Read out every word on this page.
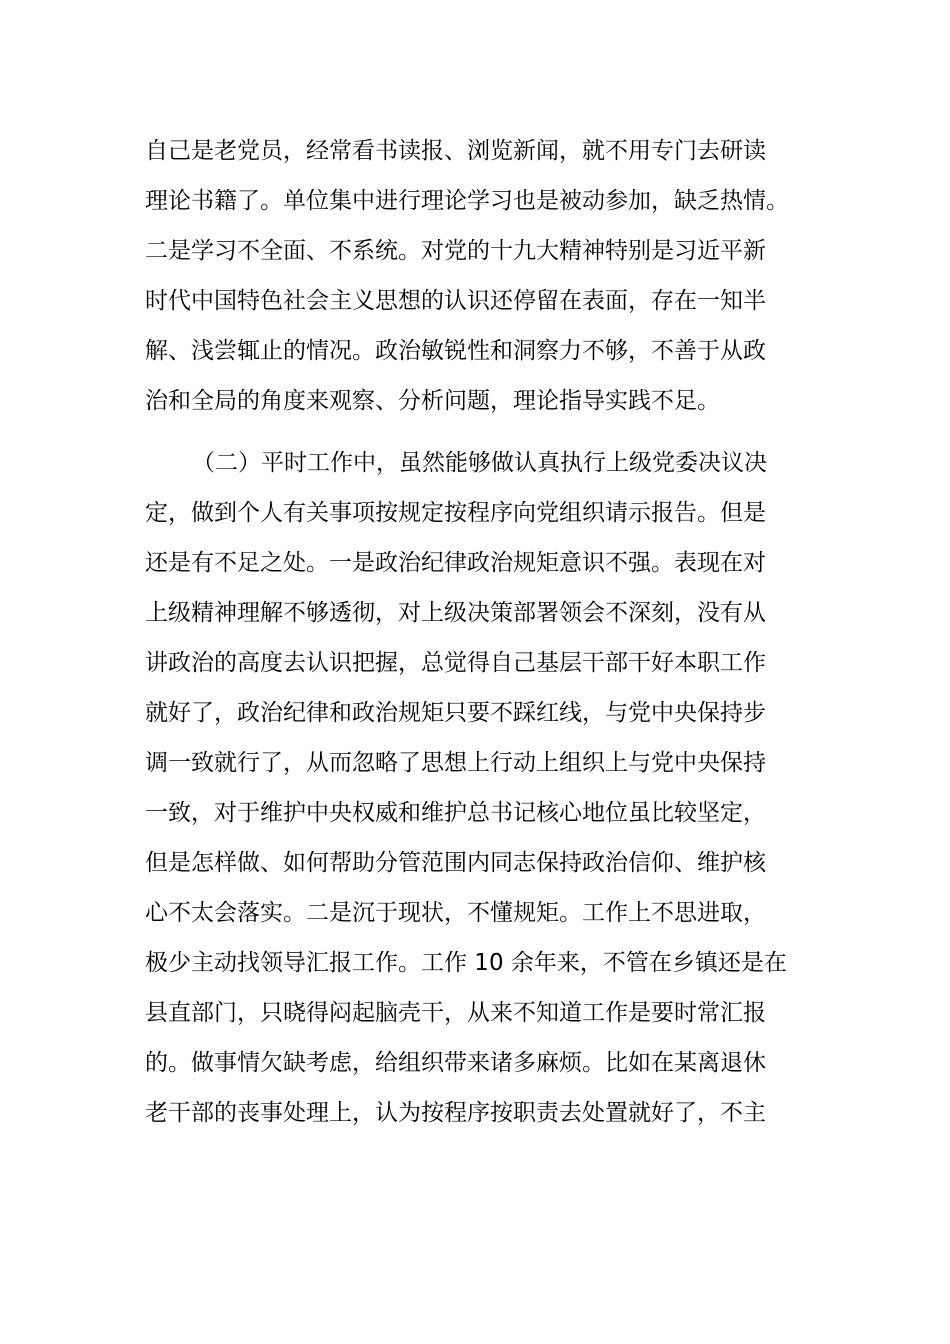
自己是老党员，经常看书读报、浏览新闻，就不用专门去研读
理论书籍了。单位集中进行理论学习也是被动参加，缺乏热情。
二是学习不全面、不系统。对党的十九大精神特别是习近平新
时代中国特色社会主义思想的认识还停留在表面，存在一知半
解、浅尝辄止的情况。政治敏锐性和洞察力不够，不善于从政
治和全局的角度来观察、分析问题，理论指导实践不足。
（二）平时工作中，虽然能够做认真执行上级党委决议决
定，做到个人有关事项按规定按程序向党组织请示报告。但是
还是有不足之处。一是政治纪律政治规矩意识不强。表现在对
上级精神理解不够透彻，对上级决策部署领会不深刻，没有从
讲政治的高度去认识把握，总觉得自己基层干部干好本职工作
就好了，政治纪律和政治规矩只要不踩红线，与党中央保持步
调一致就行了，从而忽略了思想上行动上组织上与党中央保持
一致，对于维护中央权威和维护总书记核心地位虽比较坚定，
但是怎样做、如何帮助分管范围内同志保持政治信仰、维护核
心不太会落实。二是沉于现状，不懂规矩。工作上不思进取，
极少主动找领导汇报工作。工作 10 余年来，不管在乡镇还是在
县直部门，只晓得闷起脑壳干，从来不知道工作是要时常汇报
的。做事情欠缺考虑，给组织带来诸多麻烦。比如在某离退休
老干部的丧事处理上，认为按程序按职责去处置就好了，不主
